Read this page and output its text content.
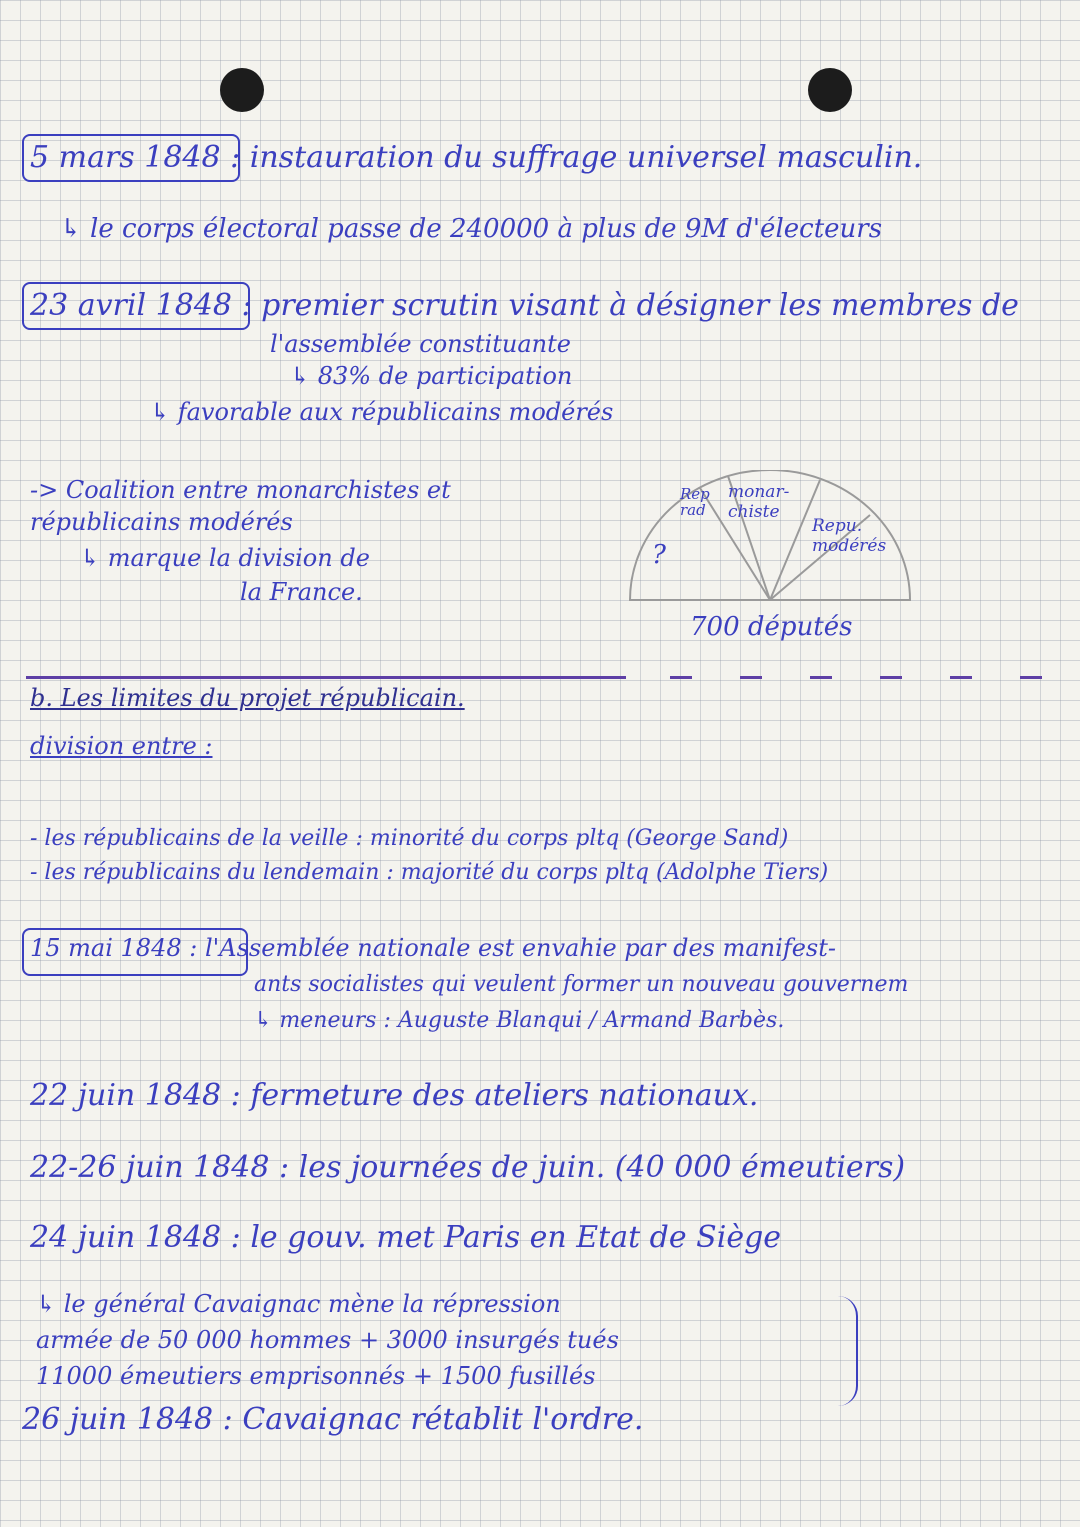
5 mars 1848 : instauration du suffrage universel masculin.
↳ le corps électoral passe de 240000 à plus de 9M d'électeurs
23 avril 1848 : premier scrutin visant à désigner les membres de
l'assemblée constituante
↳ 83% de participation
↳ favorable aux républicains modérés
-> Coalition entre monarchistes et
républicains modérés
↳ marque la division de
la France.
Rep rad
monar-chiste
Repu. modérés
?
700 députés
b. Les limites du projet républicain.
division entre :
- les républicains de la veille : minorité du corps pltq (George Sand)
- les républicains du lendemain : majorité du corps pltq (Adolphe Tiers)
15 mai 1848 : l'Assemblée nationale est envahie par des manifest-
ants socialistes qui veulent former un nouveau gouvernem
↳ meneurs : Auguste Blanqui / Armand Barbès.
22 juin 1848 : fermeture des ateliers nationaux.
22-26 juin 1848 : les journées de juin. (40 000 émeutiers)
24 juin 1848 : le gouv. met Paris en Etat de Siège
↳ le général Cavaignac mène la répression
armée de 50 000 hommes + 3000 insurgés tués
11000 émeutiers emprisonnés + 1500 fusillés
26 juin 1848 : Cavaignac rétablit l'ordre.
